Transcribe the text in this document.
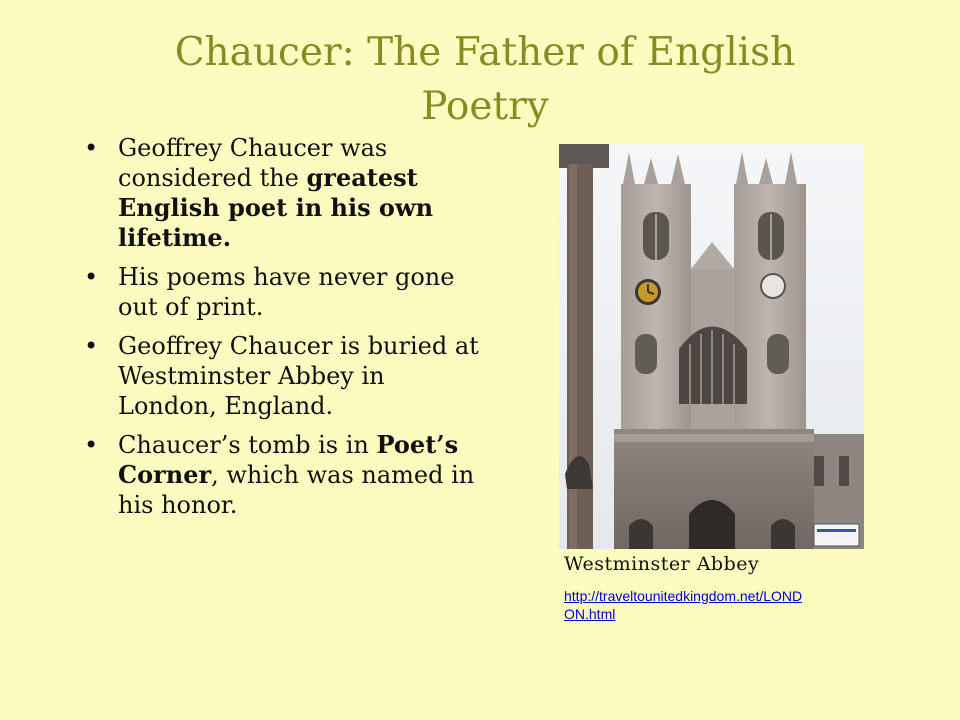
Chaucer: The Father of English Poetry
• Geoffrey Chaucer was considered the greatest English poet in his own lifetime.
• His poems have never gone out of print.
• Geoffrey Chaucer is buried at Westminster Abbey in London, England.
• Chaucer’s tomb is in Poet’s Corner, which was named in his honor.
Westminster Abbey
http://traveltounitedkingdom.net/LONDON.html
